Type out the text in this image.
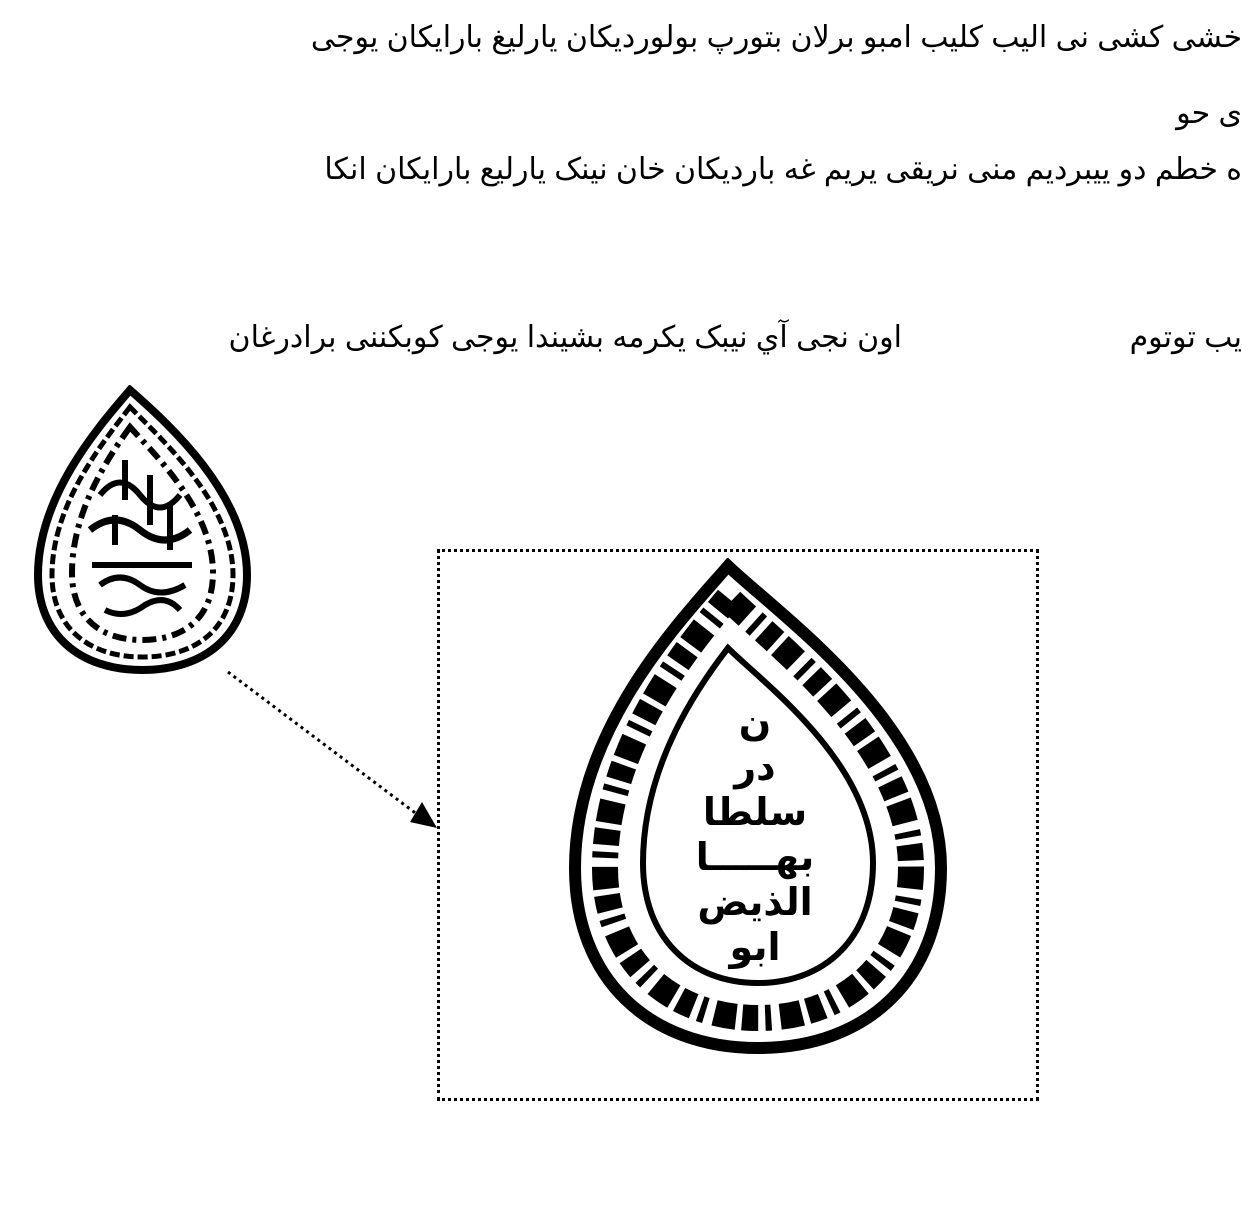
خشی کشی نی الیب کلیب امبو برلان بتورپ بولوردیکان یارلیغ بارایکان یوجی
ی حو
ه خطم دو ییبردیم منی نریقی یریم غه باردیکان خان نینک یارلیع بارایکان انکا
یب توتوم
اون نجی آي نیبک یکرمه بشیندا یوجی کوبکننی برادرغان
ن
در
سلطا
بهـــــا
الذیض
ابو
